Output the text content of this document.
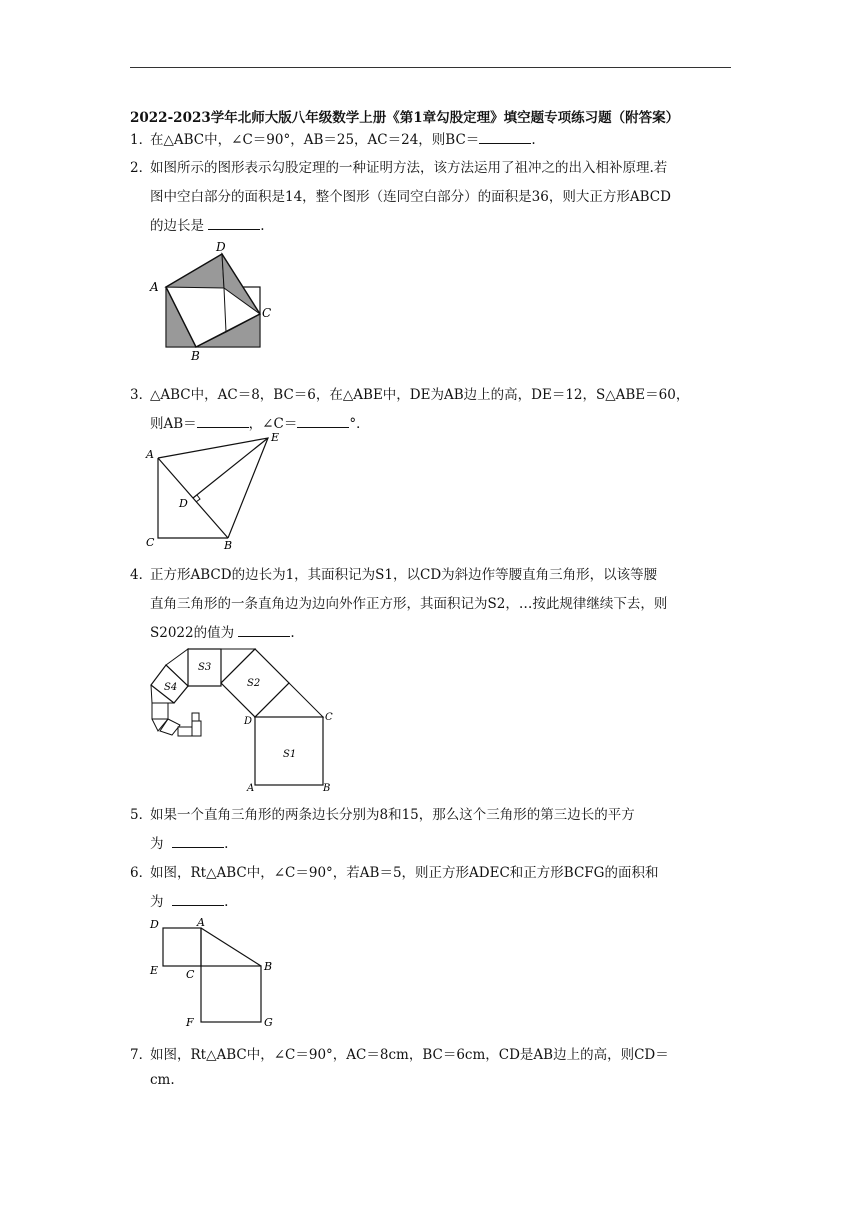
2022-2023学年北师大版八年级数学上册《第1章勾股定理》填空题专项练习题（附答案）
1．在△ABC中，∠C＝90°，AB＝25，AC＝24，则BC＝	.
2．如图所示的图形表示勾股定理的一种证明方法，该方法运用了祖冲之的出入相补原理.若
图中空白部分的面积是14，整个图形（连同空白部分）的面积是36，则大正方形ABCD
的边长是	.
D
A
C
B
3．△ABC中，AC＝8，BC＝6，在△ABE中，DE为AB边上的高，DE＝12，S△ABE＝60，
则AB＝	，∠C＝	°．
A
E
D
C	B
4．正方形ABCD的边长为1，其面积记为S1，以CD为斜边作等腰直角三角形，以该等腰
直角三角形的一条直角边为边向外作正方形，其面积记为S2，…按此规律继续下去，则
S2022的值为	.
S1
S2
S3
S4
D	C
A	B
5．如果一个直角三角形的两条边长分别为8和15，那么这个三角形的第三边长的平方
为	.
6．如图，Rt△ABC中，∠C＝90°，若AB＝5，则正方形ADEC和正方形BCFG的面积和
为	.
D	A
E	C
B
F	G
7．如图，Rt△ABC中，∠C＝90°，AC＝8cm，BC＝6cm，CD是AB边上的高，则CD＝
cm.
